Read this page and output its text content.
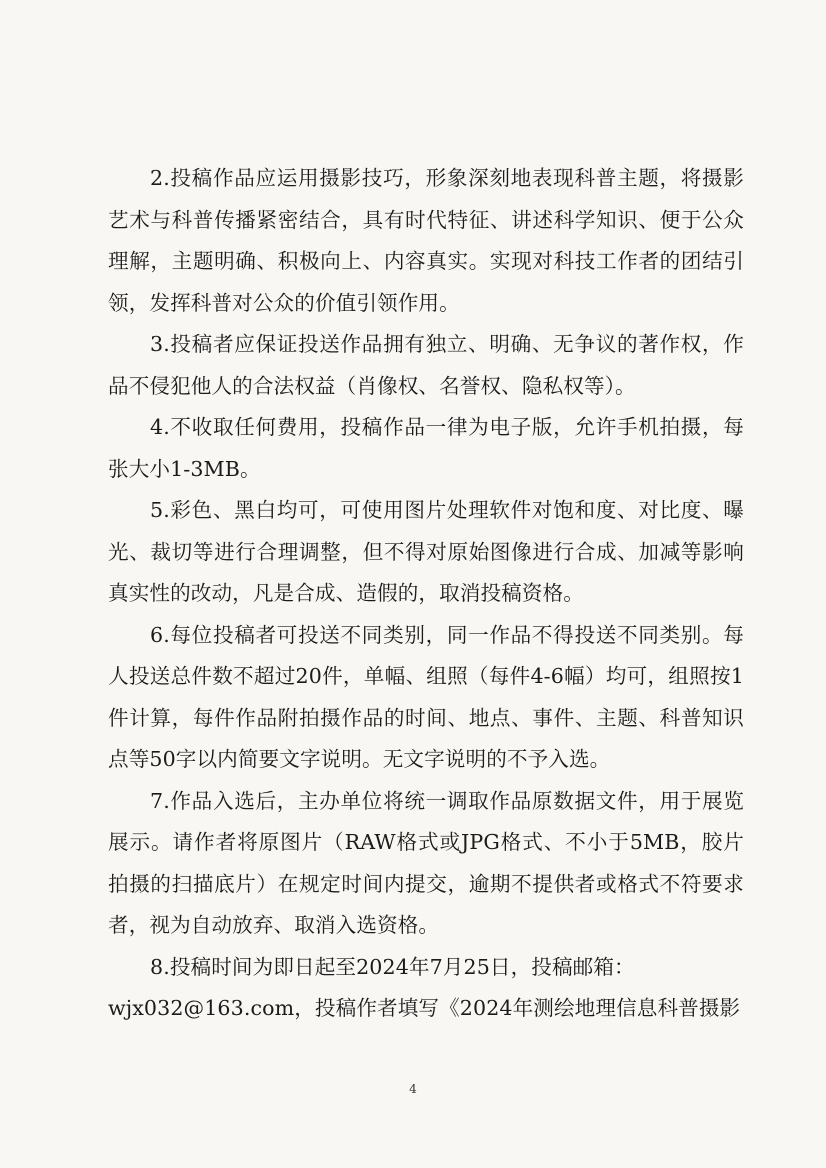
2.投稿作品应运用摄影技巧，形象深刻地表现科普主题，将摄影艺术与科普传播紧密结合，具有时代特征、讲述科学知识、便于公众理解，主题明确、积极向上、内容真实。实现对科技工作者的团结引领，发挥科普对公众的价值引领作用。

3.投稿者应保证投送作品拥有独立、明确、无争议的著作权，作品不侵犯他人的合法权益（肖像权、名誉权、隐私权等）。

4.不收取任何费用，投稿作品一律为电子版，允许手机拍摄，每张大小1-3MB。

5.彩色、黑白均可，可使用图片处理软件对饱和度、对比度、曝光、裁切等进行合理调整，但不得对原始图像进行合成、加减等影响真实性的改动，凡是合成、造假的，取消投稿资格。

6.每位投稿者可投送不同类别，同一作品不得投送不同类别。每人投送总件数不超过20件，单幅、组照（每件4-6幅）均可，组照按1件计算，每件作品附拍摄作品的时间、地点、事件、主题、科普知识点等50字以内简要文字说明。无文字说明的不予入选。

7.作品入选后，主办单位将统一调取作品原数据文件，用于展览展示。请作者将原图片（RAW格式或JPG格式、不小于5MB，胶片拍摄的扫描底片）在规定时间内提交，逾期不提供者或格式不符要求者，视为自动放弃、取消入选资格。

8.投稿时间为即日起至2024年7月25日，投稿邮箱：

wjx032@163.com，投稿作者填写《2024年测绘地理信息科普摄影

4
